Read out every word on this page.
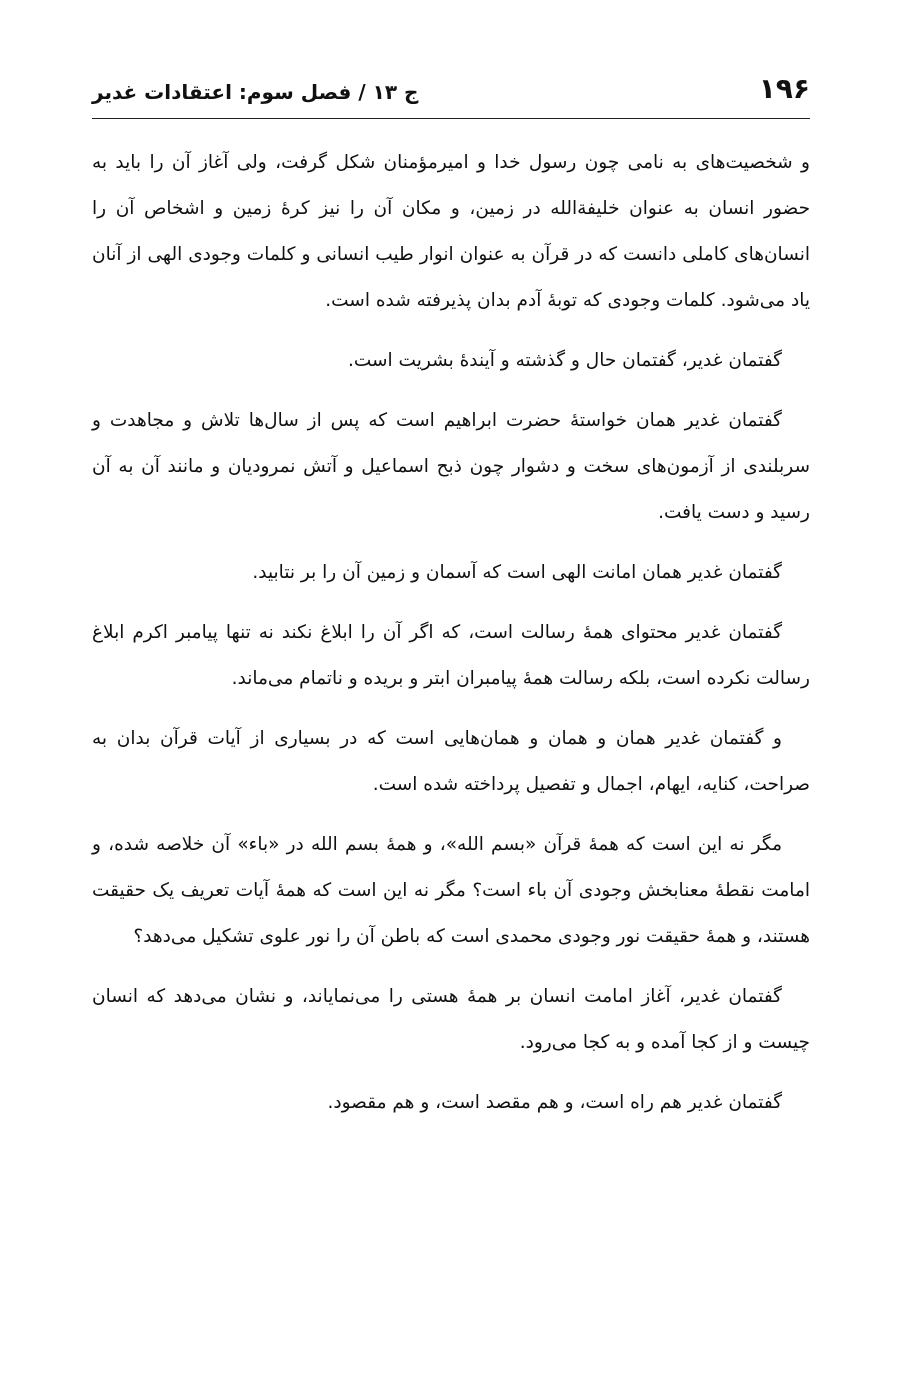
۱۹۶
ج ۱۳ / فصل سوم: اعتقادات غدیر

و شخصیت‌های به نامی چون رسول خدا و امیرمؤمنان شکل گرفت، ولی آغاز آن را باید به حضور انسان به عنوان خلیفةالله در زمین، و مکان آن را نیز کرهٔ زمین و اشخاص آن را انسان‌های کاملی دانست که در قرآن به عنوان انوار طیب انسانی و کلمات وجودی الهی از آنان یاد می‌شود. کلمات وجودی که توبهٔ آدم بدان پذیرفته شده است.

گفتمان غدیر، گفتمان حال و گذشته و آیندهٔ بشریت است.

گفتمان غدیر همان خواستهٔ حضرت ابراهیم است که پس از سال‌ها تلاش و مجاهدت و سربلندی از آزمون‌های سخت و دشوار چون ذبح اسماعیل و آتش نمرودیان و مانند آن به آن رسید و دست یافت.

گفتمان غدیر همان امانت الهی است که آسمان و زمین آن را بر نتابید.

گفتمان غدیر محتوای همهٔ رسالت است، که اگر آن را ابلاغ نکند نه تنها پیامبر اکرم ابلاغ رسالت نکرده است، بلکه رسالت همهٔ پیامبران ابتر و بریده و ناتمام می‌ماند.

و گفتمان غدیر همان و همان و همان‌هایی است که در بسیاری از آیات قرآن بدان به صراحت، کنایه، ایهام، اجمال و تفصیل پرداخته شده است.

مگر نه این است که همهٔ قرآن «بسم الله»، و همهٔ بسم الله در «باء» آن خلاصه شده، و امامت نقطهٔ معنابخش وجودی آن باء است؟ مگر نه این است که همهٔ آیات تعریف یک حقیقت هستند، و همهٔ حقیقت نور وجودی محمدی است که باطن آن را نور علوی تشکیل می‌دهد؟

گفتمان غدیر، آغاز امامت انسان بر همهٔ هستی را می‌نمایاند، و نشان می‌دهد که انسان چیست و از کجا آمده و به کجا می‌رود.

گفتمان غدیر هم راه است، و هم مقصد است، و هم مقصود.
